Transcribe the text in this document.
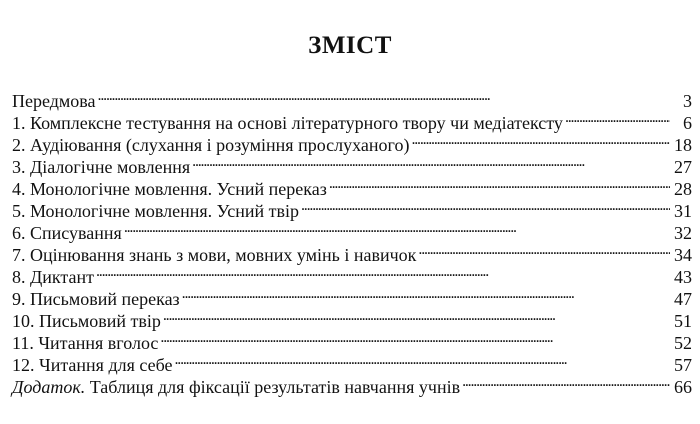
ЗМІСТ
Передмова . . .	3
1. Комплексне тестування на основі літературного твору чи медіатексту . . .	6
2. Аудіювання (слухання і розуміння прослуханого) . . .	18
3. Діалогічне мовлення . . .	27
4. Монологічне мовлення. Усний переказ . . .	28
5. Монологічне мовлення. Усний твір . . .	31
6. Списування . . .	32
7. Оцінювання знань з мови, мовних умінь і навичок . . .	34
8. Диктант . . .	43
9. Письмовий переказ . . .	47
10. Письмовий твір . . .	51
11. Читання вголос . . .	52
12. Читання для себе . . .	57
Додаток. Таблиця для фіксації результатів навчання учнів . . .	66
